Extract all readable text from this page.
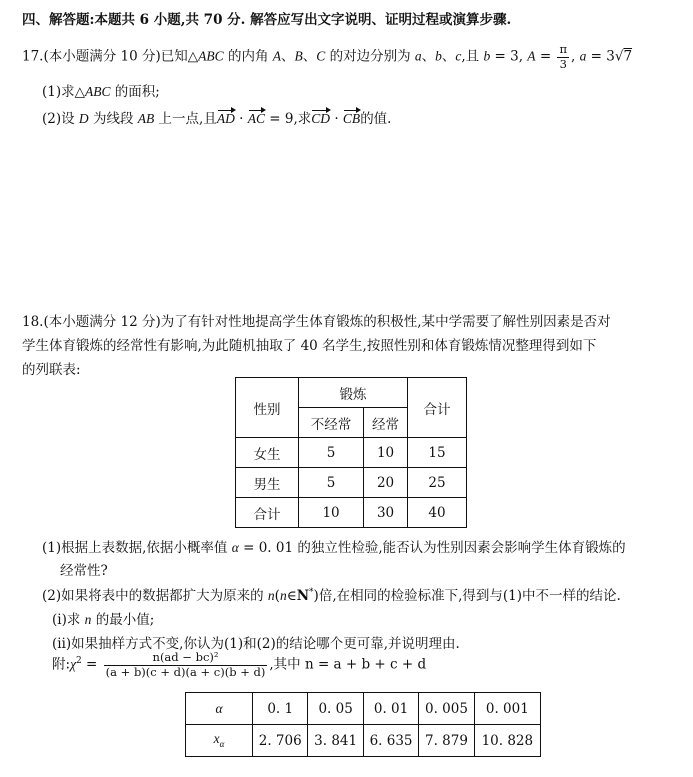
四、解答题:本题共 6 小题,共 70 分. 解答应写出文字说明、证明过程或演算步骤.
17.(本小题满分 10 分)已知△ABC 的内角 A、B、C 的对边分别为 a、b、c,且 b = 3, $A = \frac{\pi}{3}$ , a = 3√7
(1)求△ABC 的面积;
(2)设 D 为线段 AB 上一点,且AD · AC = 9,求CD · CB的值.
18.(本小题满分 12 分)为了有针对性地提高学生体育锻炼的积极性,某中学需要了解性别因素是否对
学生体育锻炼的经常性有影响,为此随机抽取了 40 名学生,按照性别和体育锻炼情况整理得到如下
的列联表:
性别	锻炼		合计
	不经常	经常	
女生	5	10	15
男生	5	20	25
合计	10	30	40
(1)根据上表数据,依据小概率值 α = 0. 01 的独立性检验,能否认为性别因素会影响学生体育锻炼的
经常性?
(2)如果将表中的数据都扩大为原来的 n(n∈N*)倍,在相同的检验标准下,得到与(1)中不一样的结论.
(ⅰ)求 n 的最小值;
(ⅱ)如果抽样方式不变,你认为(1)和(2)的结论哪个更可靠,并说明理由.
附$:\chi^2 = \frac{\text{n(ad − bc)²}}{(a + b)(c + d)(a + c)(b + d)}$ ,其中 n = a + b + c + d
α	0. 1	0. 05	0. 01	0. 005	0. 001
$x_\alpha$	2. 706	3. 841	6. 635	7. 879	10. 828
